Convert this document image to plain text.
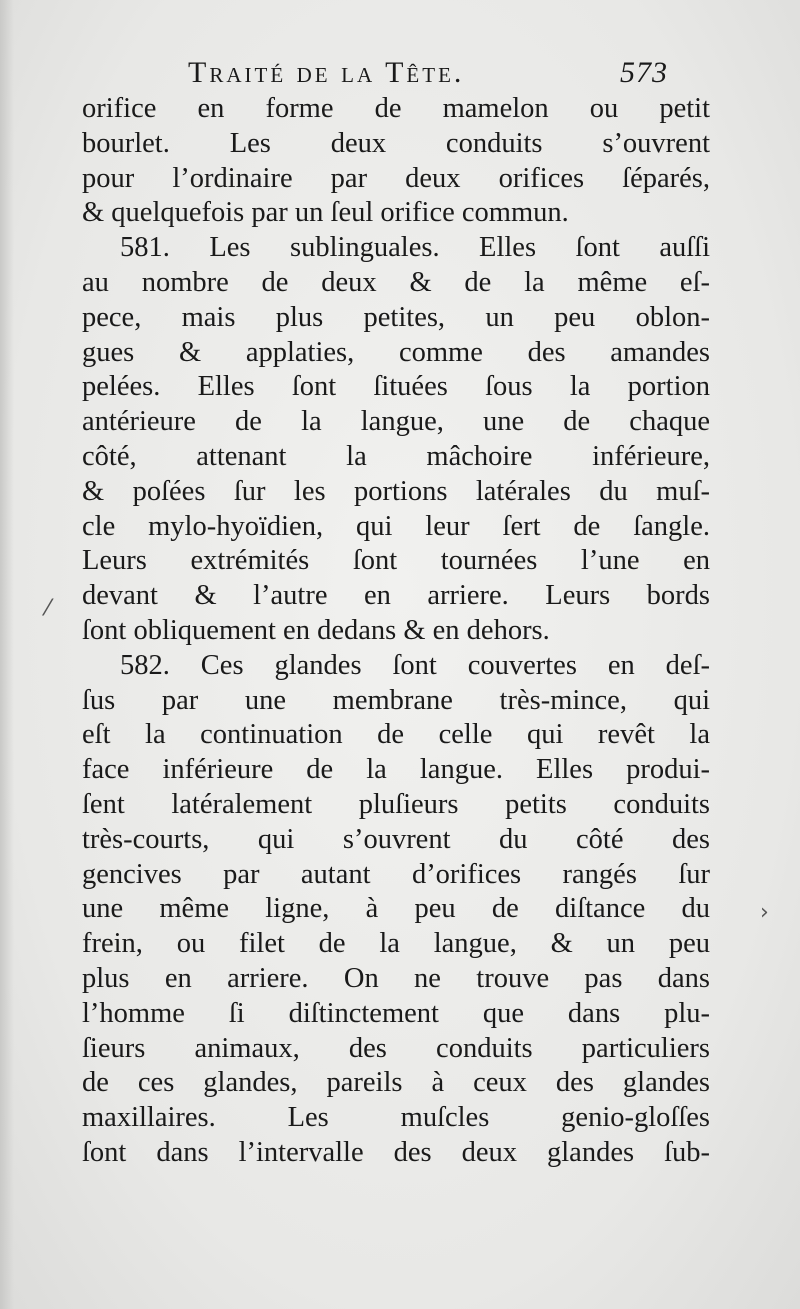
Traité de la Tête.	573
orifice en forme de mamelon ou petit
bourlet. Les deux conduits s’ouvrent
pour l’ordinaire par deux orifices ſéparés,
& quelquefois par un ſeul orifice commun.
581. Les sublinguales. Elles ſont auſſi
au nombre de deux & de la même eſ-
pece, mais plus petites, un peu oblon-
gues & applaties, comme des amandes
pelées. Elles ſont ſituées ſous la portion
antérieure de la langue, une de chaque
côté, attenant la mâchoire inférieure,
& poſées ſur les portions latérales du muſ-
cle mylo-hyoïdien, qui leur ſert de ſangle.
Leurs extrémités ſont tournées l’une en
devant & l’autre en arriere. Leurs bords
ſont obliquement en dedans & en dehors.
582. Ces glandes ſont couvertes en deſ-
ſus par une membrane très-mince, qui
eſt la continuation de celle qui revêt la
face inférieure de la langue. Elles produi-
ſent latéralement pluſieurs petits conduits
très-courts, qui s’ouvrent du côté des
gencives par autant d’orifices rangés ſur
une même ligne, à peu de diſtance du
frein, ou filet de la langue, & un peu
plus en arriere. On ne trouve pas dans
l’homme ſi diſtinctement que dans plu-
ſieurs animaux, des conduits particuliers
de ces glandes, pareils à ceux des glandes
maxillaires. Les muſcles genio-gloſſes
ſont dans l’intervalle des deux glandes ſub-
⁄
›
